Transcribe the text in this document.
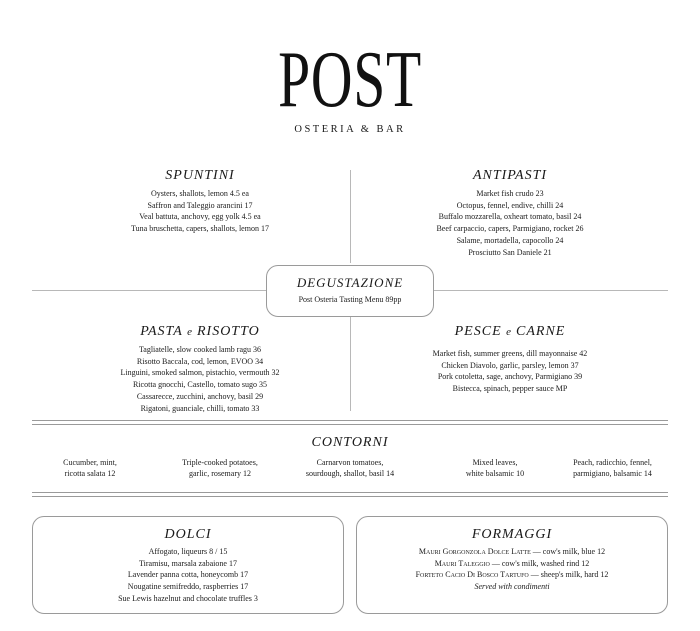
POST
OSTERIA & BAR
SPUNTINI
Oysters, shallots, lemon 4.5 ea
Saffron and Taleggio arancini 17
Veal battuta, anchovy, egg yolk 4.5 ea
Tuna bruschetta, capers, shallots, lemon 17
ANTIPASTI
Market fish crudo 23
Octopus, fennel, endive, chilli 24
Buffalo mozzarella, oxheart tomato, basil 24
Beef carpaccio, capers, Parmigiano, rocket 26
Salame, mortadella, capocollo 24
Prosciutto San Daniele 21
DEGUSTAZIONE
Post Osteria Tasting Menu 89pp
PASTA e RISOTTO
Tagliatelle, slow cooked lamb ragu 36
Risotto Baccala, cod, lemon, EVOO 34
Linguini, smoked salmon, pistachio, vermouth 32
Ricotta gnocchi, Castello, tomato sugo 35
Cassarecce, zucchini, anchovy, basil 29
Rigatoni, guanciale, chilli, tomato 33
PESCE e CARNE
Market fish, summer greens, dill mayonnaise 42
Chicken Diavolo, garlic, parsley, lemon 37
Pork cotoletta, sage, anchovy, Parmigiano 39
Bistecca, spinach, pepper sauce MP
CONTORNI
Cucumber, mint,
ricotta salata 12
Triple-cooked potatoes,
garlic, rosemary 12
Carnarvon tomatoes,
sourdough, shallot, basil 14
Mixed leaves,
white balsamic 10
Peach, radicchio, fennel,
parmigiano, balsamic 14
DOLCI
Affogato, liqueurs 8 / 15
Tiramisu, marsala zabaione 17
Lavender panna cotta, honeycomb 17
Nougatine semifreddo, raspberries 17
Sue Lewis hazelnut and chocolate truffles 3
FORMAGGI
Mauri Gorgonzola Dolce Latte — cow's milk, blue 12
Mauri Taleggio — cow's milk, washed rind 12
Forteto Cacio Di Bosco Tartufo — sheep's milk, hard 12
Served with condimenti
